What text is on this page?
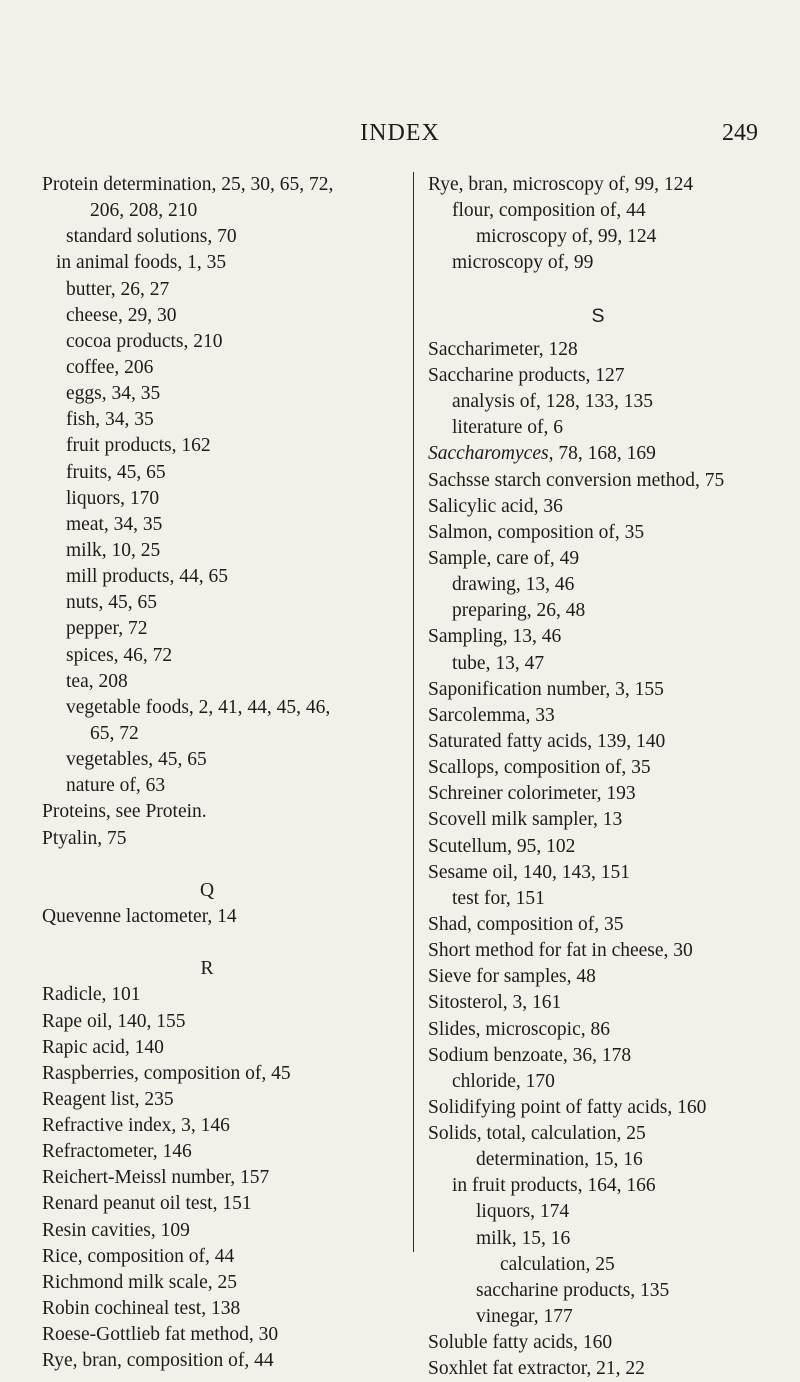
INDEX	249
Protein determination, 25, 30, 65, 72,
206, 208, 210
standard solutions, 70
in animal foods, 1, 35
butter, 26, 27
cheese, 29, 30
cocoa products, 210
coffee, 206
eggs, 34, 35
fish, 34, 35
fruit products, 162
fruits, 45, 65
liquors, 170
meat, 34, 35
milk, 10, 25
mill products, 44, 65
nuts, 45, 65
pepper, 72
spices, 46, 72
tea, 208
vegetable foods, 2, 41, 44, 45, 46,
65, 72
vegetables, 45, 65
nature of, 63
Proteins, see Protein.
Ptyalin, 75
Q
Quevenne lactometer, 14
R
Radicle, 101
Rape oil, 140, 155
Rapic acid, 140
Raspberries, composition of, 45
Reagent list, 235
Refractive index, 3, 146
Refractometer, 146
Reichert-Meissl number, 157
Renard peanut oil test, 151
Resin cavities, 109
Rice, composition of, 44
Richmond milk scale, 25
Robin cochineal test, 138
Roese-Gottlieb fat method, 30
Rye, bran, composition of, 44
Rye, bran, microscopy of, 99, 124
flour, composition of, 44
microscopy of, 99, 124
microscopy of, 99
S
Saccharimeter, 128
Saccharine products, 127
analysis of, 128, 133, 135
literature of, 6
Saccharomyces, 78, 168, 169
Sachsse starch conversion method, 75
Salicylic acid, 36
Salmon, composition of, 35
Sample, care of, 49
drawing, 13, 46
preparing, 26, 48
Sampling, 13, 46
tube, 13, 47
Saponification number, 3, 155
Sarcolemma, 33
Saturated fatty acids, 139, 140
Scallops, composition of, 35
Schreiner colorimeter, 193
Scovell milk sampler, 13
Scutellum, 95, 102
Sesame oil, 140, 143, 151
test for, 151
Shad, composition of, 35
Short method for fat in cheese, 30
Sieve for samples, 48
Sitosterol, 3, 161
Slides, microscopic, 86
Sodium benzoate, 36, 178
chloride, 170
Solidifying point of fatty acids, 160
Solids, total, calculation, 25
determination, 15, 16
in fruit products, 164, 166
liquors, 174
milk, 15, 16
calculation, 25
saccharine products, 135
vinegar, 177
Soluble fatty acids, 160
Soxhlet fat extractor, 21, 22
